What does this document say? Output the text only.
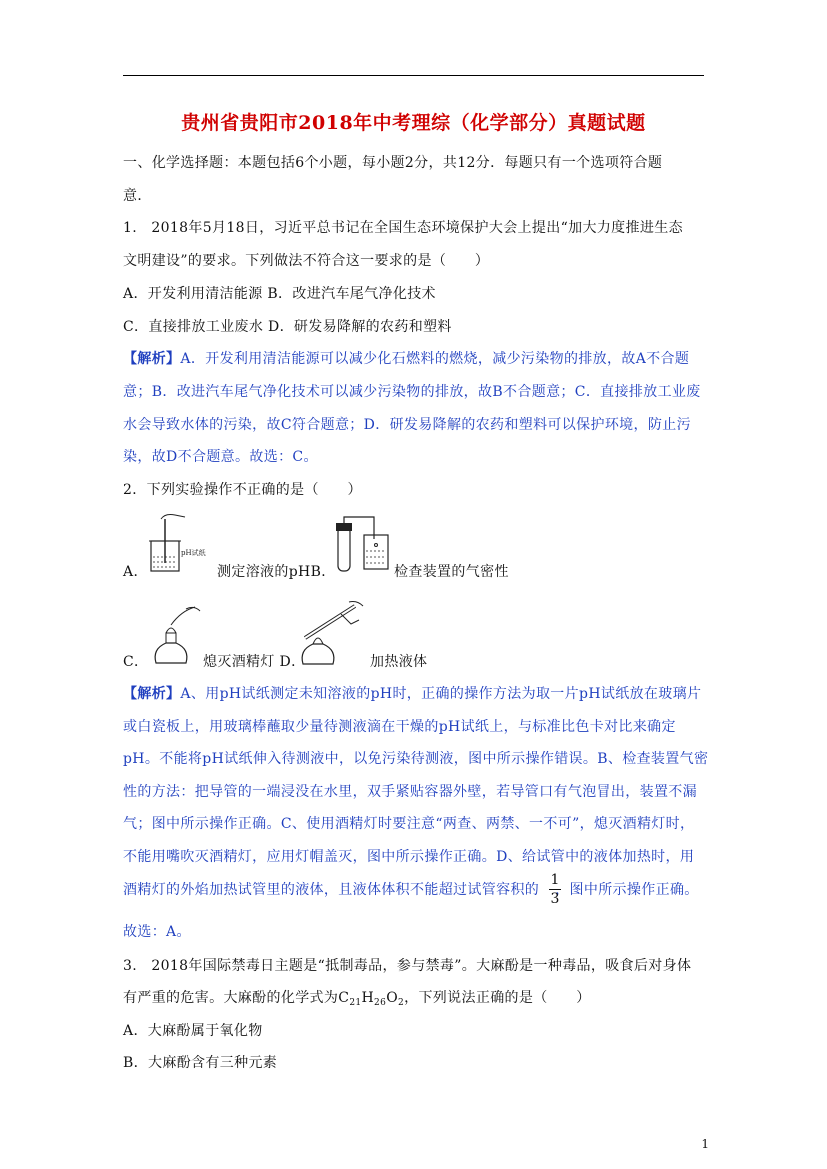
贵州省贵阳市2018年中考理综（化学部分）真题试题
一、化学选择题：本题包括6个小题，每小题2分，共12分．每题只有一个选项符合题
意．
1.　2018年5月18日，习近平总书记在全国生态环境保护大会上提出“加大力度推进生态
文明建设”的要求。下列做法不符合这一要求的是（　　）
A．开发利用清洁能源 B．改进汽车尾气净化技术
C．直接排放工业废水 D．研发易降解的农药和塑料
【解析】A．开发利用清洁能源可以减少化石燃料的燃烧，减少污染物的排放，故A不合题
意；B．改进汽车尾气净化技术可以减少污染物的排放，故B不合题意；C．直接排放工业废
水会导致水体的污染，故C符合题意；D．研发易降解的农药和塑料可以保护环境，防止污
染，故D不合题意。故选：C。
2．下列实验操作不正确的是（　　）
A．
pH试纸
测定溶液的pHB．	检查装置的气密性
C．	熄灭酒精灯 D．	加热液体
【解析】A、用pH试纸测定未知溶液的pH时，正确的操作方法为取一片pH试纸放在玻璃片
或白瓷板上，用玻璃棒蘸取少量待测液滴在干燥的pH试纸上，与标准比色卡对比来确定
pH。不能将pH试纸伸入待测液中，以免污染待测液，图中所示操作错误。B、检查装置气密
性的方法：把导管的一端浸没在水里，双手紧贴容器外壁，若导管口有气泡冒出，装置不漏
气；图中所示操作正确。C、使用酒精灯时要注意“两查、两禁、一不可”，熄灭酒精灯时，
不能用嘴吹灭酒精灯，应用灯帽盖灭，图中所示操作正确。D、给试管中的液体加热时，用
酒精灯的外焰加热试管里的液体，且液体体积不能超过试管容积的 ，图中所示操作正确。
1
3
故选：A。
3.　2018年国际禁毒日主题是“抵制毒品，参与禁毒”。大麻酚是一种毒品，吸食后对身体
有严重的危害。大麻酚的化学式为$C_{21}H_{26}O_2$，下列说法正确的是（　　）
A．大麻酚属于氧化物
B．大麻酚含有三种元素
1
